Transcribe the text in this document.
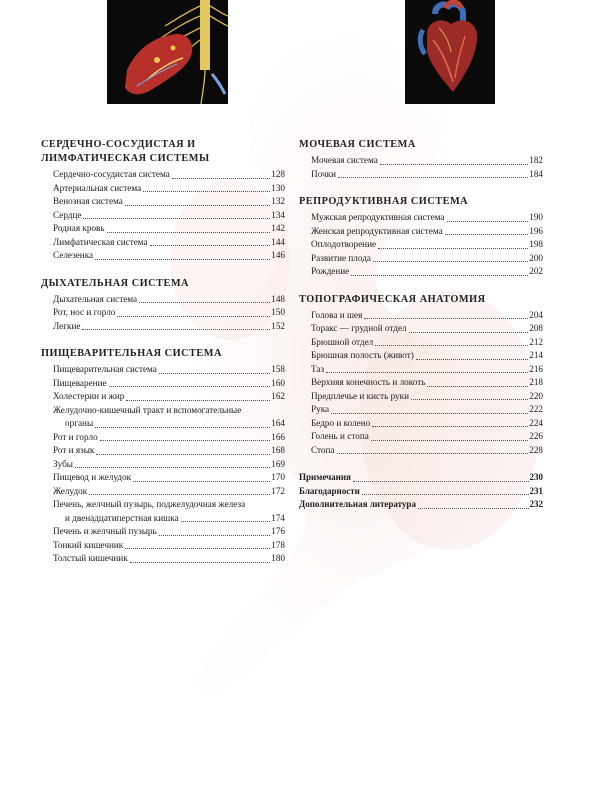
СЕРДЕЧНО-СОСУДИСТАЯ И ЛИМФАТИЧЕСКАЯ СИСТЕМЫ
Сердечно-сосудистая система	128
Артериальная система	130
Венозная система	132
Сердце	134
Родная кровь	142
Лимфатическая система	144
Селезенка	146
ДЫХАТЕЛЬНАЯ СИСТЕМА
Дыхательная система	148
Рот, нос и горло	150
Легкие	152
ПИЩЕВАРИТЕЛЬНАЯ СИСТЕМА
Пищеварительная система	158
Пищеварение	160
Холестерин и жир	162
Желудочно-кишечный тракт и вспомогательные
органы	164
Рот и горло	166
Рот и язык	168
Зубы	169
Пищевод и желудок	170
Желудок	172
Печень, желчный пузырь, поджелудочная железа
и двенадцатиперстная кишка	174
Печень и желчный пузырь	176
Тонкий кишечник	178
Толстый кишечник	180
МОЧЕВАЯ СИСТЕМА
Мочевая система	182
Почки	184
РЕПРОДУКТИВНАЯ СИСТЕМА
Мужская репродуктивная система	190
Женская репродуктивная система	196
Оплодотворение	198
Развитие плода	200
Рождение	202
ТОПОГРАФИЧЕСКАЯ АНАТОМИЯ
Голова и шея	204
Торакс — грудной отдел	208
Брюшной отдел	212
Брюшная полость (живот)	214
Таз	216
Верхняя конечность и локоть	218
Предплечье и кисть руки	220
Рука	222
Бедро и колено	224
Голень и стопа	226
Стопа	228
Примечания	230
Благодарности	231
Дополнительная литература	232
